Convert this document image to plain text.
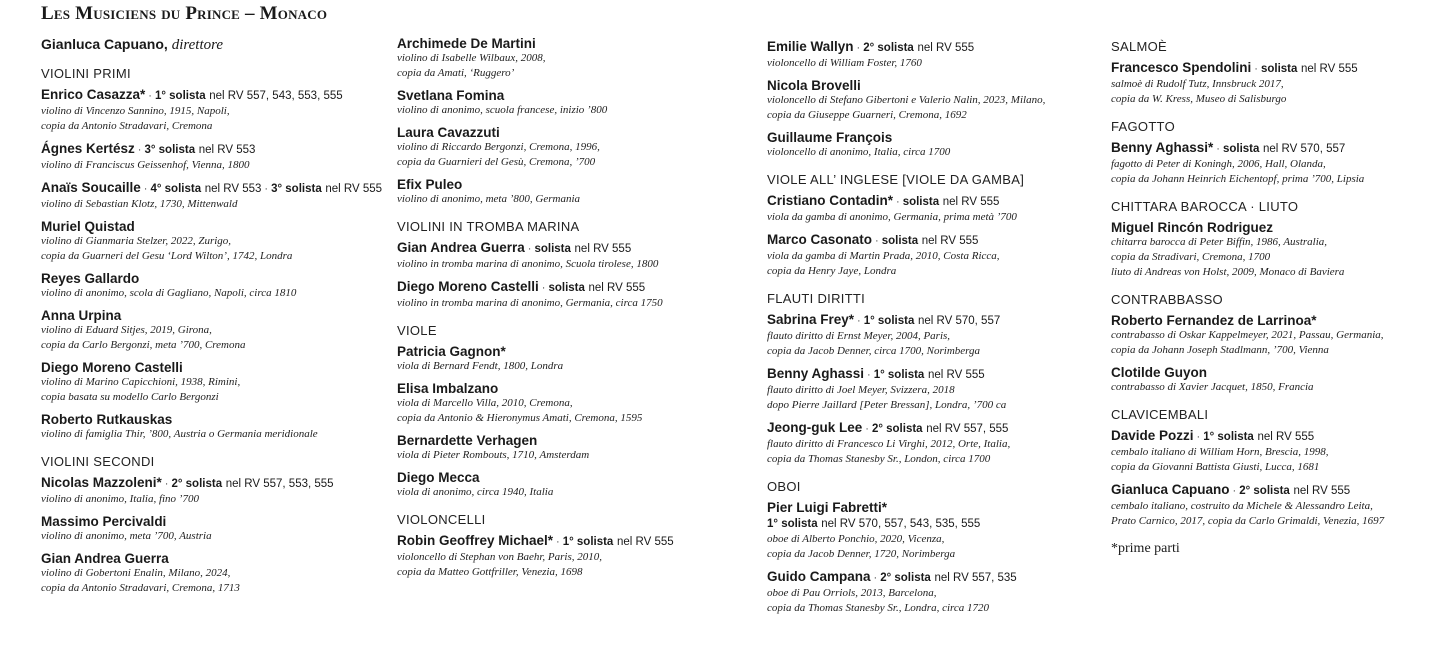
Les Musiciens du Prince – Monaco
Gianluca Capuano, direttore
VIOLINI PRIMI
Enrico Casazza* · 1° solista nel RV 557, 543, 553, 555
violino di Vincenzo Sannino, 1915, Napoli,
copia da Antonio Stradavari, Cremona
Ágnes Kertész · 3° solista nel RV 553
violino di Franciscus Geissenhof, Vienna, 1800
Anaïs Soucaille · 4° solista nel RV 553 · 3° solista nel RV 555
violino di Sebastian Klotz, 1730, Mittenwald
Muriel Quistad
violino di Gianmaria Stelzer, 2022, Zurigo,
copia da Guarneri del Gesu ‘Lord Wilton’, 1742, Londra
Reyes Gallardo
violino di anonimo, scola di Gagliano, Napoli, circa 1810
Anna Urpina
violino di Eduard Sitjes, 2019, Girona,
copia da Carlo Bergonzi, meta ’700, Cremona
Diego Moreno Castelli
violino di Marino Capicchioni, 1938, Rimini,
copia basata su modello Carlo Bergonzi
Roberto Rutkauskas
violino di famiglia Thir, ’800, Austria o Germania meridionale
VIOLINI SECONDI
Nicolas Mazzoleni* · 2° solista nel RV 557, 553, 555
violino di anonimo, Italia, fino ’700
Massimo Percivaldi
violino di anonimo, meta ’700, Austria
Gian Andrea Guerra
violino di Gobertoni Enalin, Milano, 2024,
copia da Antonio Stradavari, Cremona, 1713
Archimede De Martini
violino di Isabelle Wilbaux, 2008,
copia da Amati, ‘Ruggero’
Svetlana Fomina
violino di anonimo, scuola francese, inizio ’800
Laura Cavazzuti
violino di Riccardo Bergonzi, Cremona, 1996,
copia da Guarnieri del Gesù, Cremona, ’700
Efix Puleo
violino di anonimo, meta ’800, Germania
VIOLINI IN TROMBA MARINA
Gian Andrea Guerra · solista nel RV 555
violino in tromba marina di anonimo, Scuola tirolese, 1800
Diego Moreno Castelli · solista nel RV 555
violino in tromba marina di anonimo, Germania, circa 1750
VIOLE
Patricia Gagnon*
viola di Bernard Fendt, 1800, Londra
Elisa Imbalzano
viola di Marcello Villa, 2010, Cremona,
copia da Antonio & Hieronymus Amati, Cremona, 1595
Bernardette Verhagen
viola di Pieter Rombouts, 1710, Amsterdam
Diego Mecca
viola di anonimo, circa 1940, Italia
VIOLONCELLI
Robin Geoffrey Michael* · 1° solista nel RV 555
violoncello di Stephan von Baehr, Paris, 2010,
copia da Matteo Gottfriller, Venezia, 1698
Emilie Wallyn · 2° solista nel RV 555
violoncello di William Foster, 1760
Nicola Brovelli
violoncello di Stefano Gibertoni e Valerio Nalin, 2023, Milano,
copia da Giuseppe Guarneri, Cremona, 1692
Guillaume François
violoncello di anonimo, Italia, circa 1700
VIOLE ALL’ INGLESE [VIOLE DA GAMBA]
Cristiano Contadin* · solista nel RV 555
viola da gamba di anonimo, Germania, prima metà ’700
Marco Casonato · solista nel RV 555
viola da gamba di Martin Prada, 2010, Costa Ricca,
copia da Henry Jaye, Londra
FLAUTI DIRITTI
Sabrina Frey* · 1° solista nel RV 570, 557
flauto diritto di Ernst Meyer, 2004, Paris,
copia da Jacob Denner, circa 1700, Norimberga
Benny Aghassi · 1° solista nel RV 555
flauto diritto di Joel Meyer, Svizzera, 2018
dopo Pierre Jaillard [Peter Bressan], Londra, ’700 ca
Jeong-guk Lee · 2° solista nel RV 557, 555
flauto diritto di Francesco Li Virghi, 2012, Orte, Italia,
copia da Thomas Stanesby Sr., London, circa 1700
OBOI
Pier Luigi Fabretti*
1° solista nel RV 570, 557, 543, 535, 555
oboe di Alberto Ponchio, 2020, Vicenza,
copia da Jacob Denner, 1720, Norimberga
Guido Campana · 2° solista nel RV 557, 535
oboe di Pau Orriols, 2013, Barcelona,
copia da Thomas Stanesby Sr., Londra, circa 1720
SALMOÈ
Francesco Spendolini · solista nel RV 555
salmoè di Rudolf Tutz, Innsbruck 2017,
copia da W. Kress, Museo di Salisburgo
FAGOTTO
Benny Aghassi* · solista nel RV 570, 557
fagotto di Peter di Koningh, 2006, Hall, Olanda,
copia da Johann Heinrich Eichentopf, prima ’700, Lipsia
CHITTARA BAROCCA · LIUTO
Miguel Rincón Rodriguez
chitarra barocca di Peter Biffin, 1986, Australia,
copia da Stradivari, Cremona, 1700
liuto di Andreas von Holst, 2009, Monaco di Baviera
CONTRABBASSO
Roberto Fernandez de Larrinoa*
contrabasso di Oskar Kappelmeyer, 2021, Passau, Germania,
copia da Johann Joseph Stadlmann, ’700, Vienna
Clotilde Guyon
contrabasso di Xavier Jacquet, 1850, Francia
CLAVICEMBALI
Davide Pozzi · 1° solista nel RV 555
cembalo italiano di William Horn, Brescia, 1998,
copia da Giovanni Battista Giusti, Lucca, 1681
Gianluca Capuano · 2° solista nel RV 555
cembalo italiano, costruito da Michele & Alessandro Leita,
Prato Carnico, 2017, copia da Carlo Grimaldi, Venezia, 1697
*prime parti
